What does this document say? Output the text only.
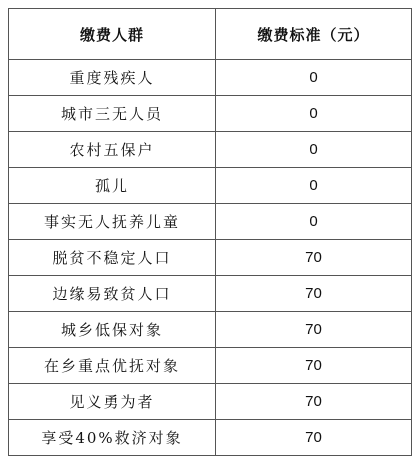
缴费人群	缴费标准（元）
重度残疾人	0
城市三无人员	0
农村五保户	0
孤儿	0
事实无人抚养儿童	0
脱贫不稳定人口	70
边缘易致贫人口	70
城乡低保对象	70
在乡重点优抚对象	70
见义勇为者	70
享受40%救济对象	70
